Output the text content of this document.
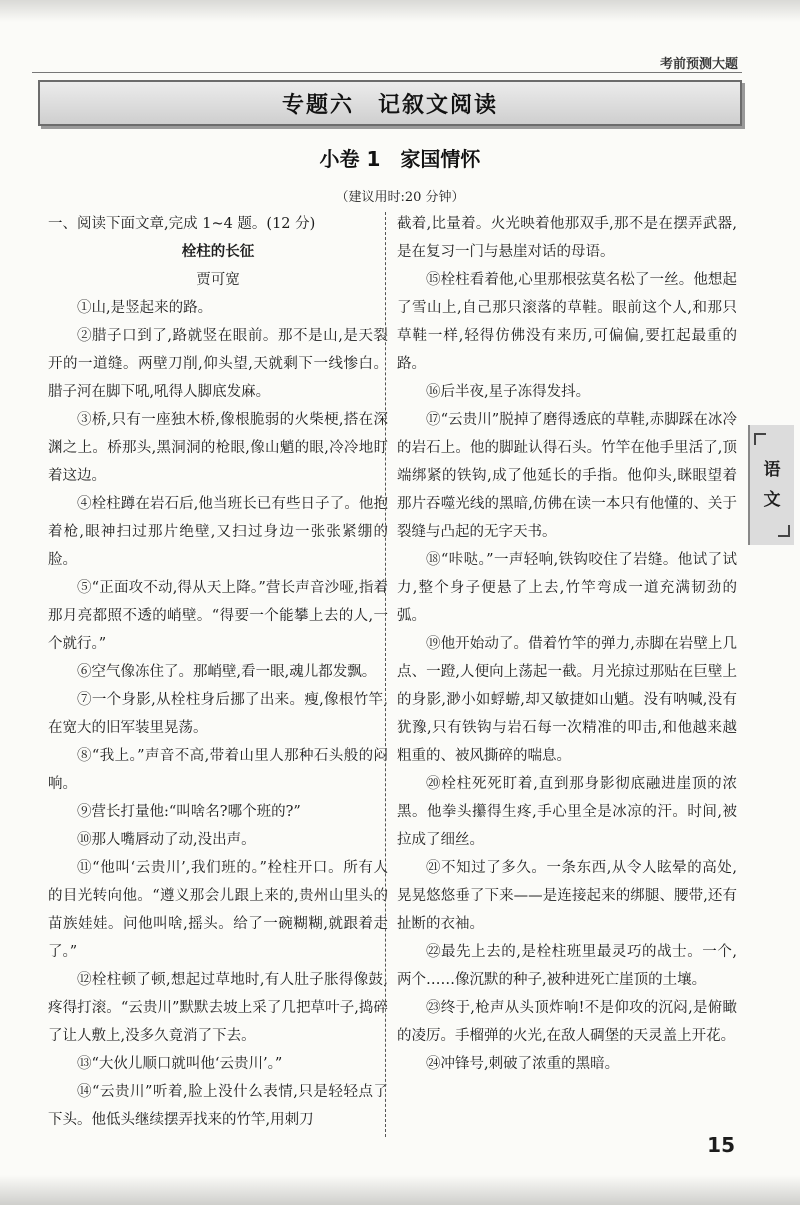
考前预测大题
专题六　记叙文阅读
小卷 1　家国情怀
（建议用时:20 分钟）

一、阅读下面文章,完成 1~4 题。(12 分)

栓柱的长征

贾可宽

①山,是竖起来的路。

②腊子口到了,路就竖在眼前。那不是山,是天裂开的一道缝。两壁刀削,仰头望,天就剩下一线惨白。腊子河在脚下吼,吼得人脚底发麻。

③桥,只有一座独木桥,像根脆弱的火柴梗,搭在深渊之上。桥那头,黑洞洞的枪眼,像山魈的眼,冷冷地盯着这边。

④栓柱蹲在岩石后,他当班长已有些日子了。他抱着枪,眼神扫过那片绝壁,又扫过身边一张张紧绷的脸。

⑤“正面攻不动,得从天上降。”营长声音沙哑,指着那月亮都照不透的峭壁。“得要一个能攀上去的人,一个就行。”

⑥空气像冻住了。那峭壁,看一眼,魂儿都发飘。

⑦一个身影,从栓柱身后挪了出来。瘦,像根竹竿,在宽大的旧军装里晃荡。

⑧“我上。”声音不高,带着山里人那种石头般的闷响。

⑨营长打量他:“叫啥名?哪个班的?”

⑩那人嘴唇动了动,没出声。

⑪“他叫‘云贵川’,我们班的。”栓柱开口。所有人的目光转向他。“遵义那会儿跟上来的,贵州山里头的苗族娃娃。问他叫啥,摇头。给了一碗糊糊,就跟着走了。”

⑫栓柱顿了顿,想起过草地时,有人肚子胀得像鼓,疼得打滚。“云贵川”默默去坡上采了几把草叶子,捣碎了让人敷上,没多久竟消了下去。

⑬“大伙儿顺口就叫他‘云贵川’。”

⑭“云贵川”听着,脸上没什么表情,只是轻轻点了下头。他低头继续摆弄找来的竹竿,用刺刀

截着,比量着。火光映着他那双手,那不是在摆弄武器,是在复习一门与悬崖对话的母语。

⑮栓柱看着他,心里那根弦莫名松了一丝。他想起了雪山上,自己那只滚落的草鞋。眼前这个人,和那只草鞋一样,轻得仿佛没有来历,可偏偏,要扛起最重的路。

⑯后半夜,星子冻得发抖。

⑰“云贵川”脱掉了磨得透底的草鞋,赤脚踩在冰冷的岩石上。他的脚趾认得石头。竹竿在他手里活了,顶端绑紧的铁钩,成了他延长的手指。他仰头,眯眼望着那片吞噬光线的黑暗,仿佛在读一本只有他懂的、关于裂缝与凸起的无字天书。

⑱“咔哒。”一声轻响,铁钩咬住了岩缝。他试了试力,整个身子便悬了上去,竹竿弯成一道充满韧劲的弧。

⑲他开始动了。借着竹竿的弹力,赤脚在岩壁上几点、一蹬,人便向上荡起一截。月光掠过那贴在巨壁上的身影,渺小如蜉蝣,却又敏捷如山魈。没有呐喊,没有犹豫,只有铁钩与岩石每一次精准的叩击,和他越来越粗重的、被风撕碎的喘息。

⑳栓柱死死盯着,直到那身影彻底融进崖顶的浓黑。他拳头攥得生疼,手心里全是冰凉的汗。时间,被拉成了细丝。

㉑不知过了多久。一条东西,从令人眩晕的高处,晃晃悠悠垂了下来——是连接起来的绑腿、腰带,还有扯断的衣袖。

㉒最先上去的,是栓柱班里最灵巧的战士。一个,两个……像沉默的种子,被种进死亡崖顶的土壤。

㉓终于,枪声从头顶炸响!不是仰攻的沉闷,是俯瞰的凌厉。手榴弹的火光,在敌人碉堡的天灵盖上开花。

㉔冲锋号,刺破了浓重的黑暗。

语
文
15
